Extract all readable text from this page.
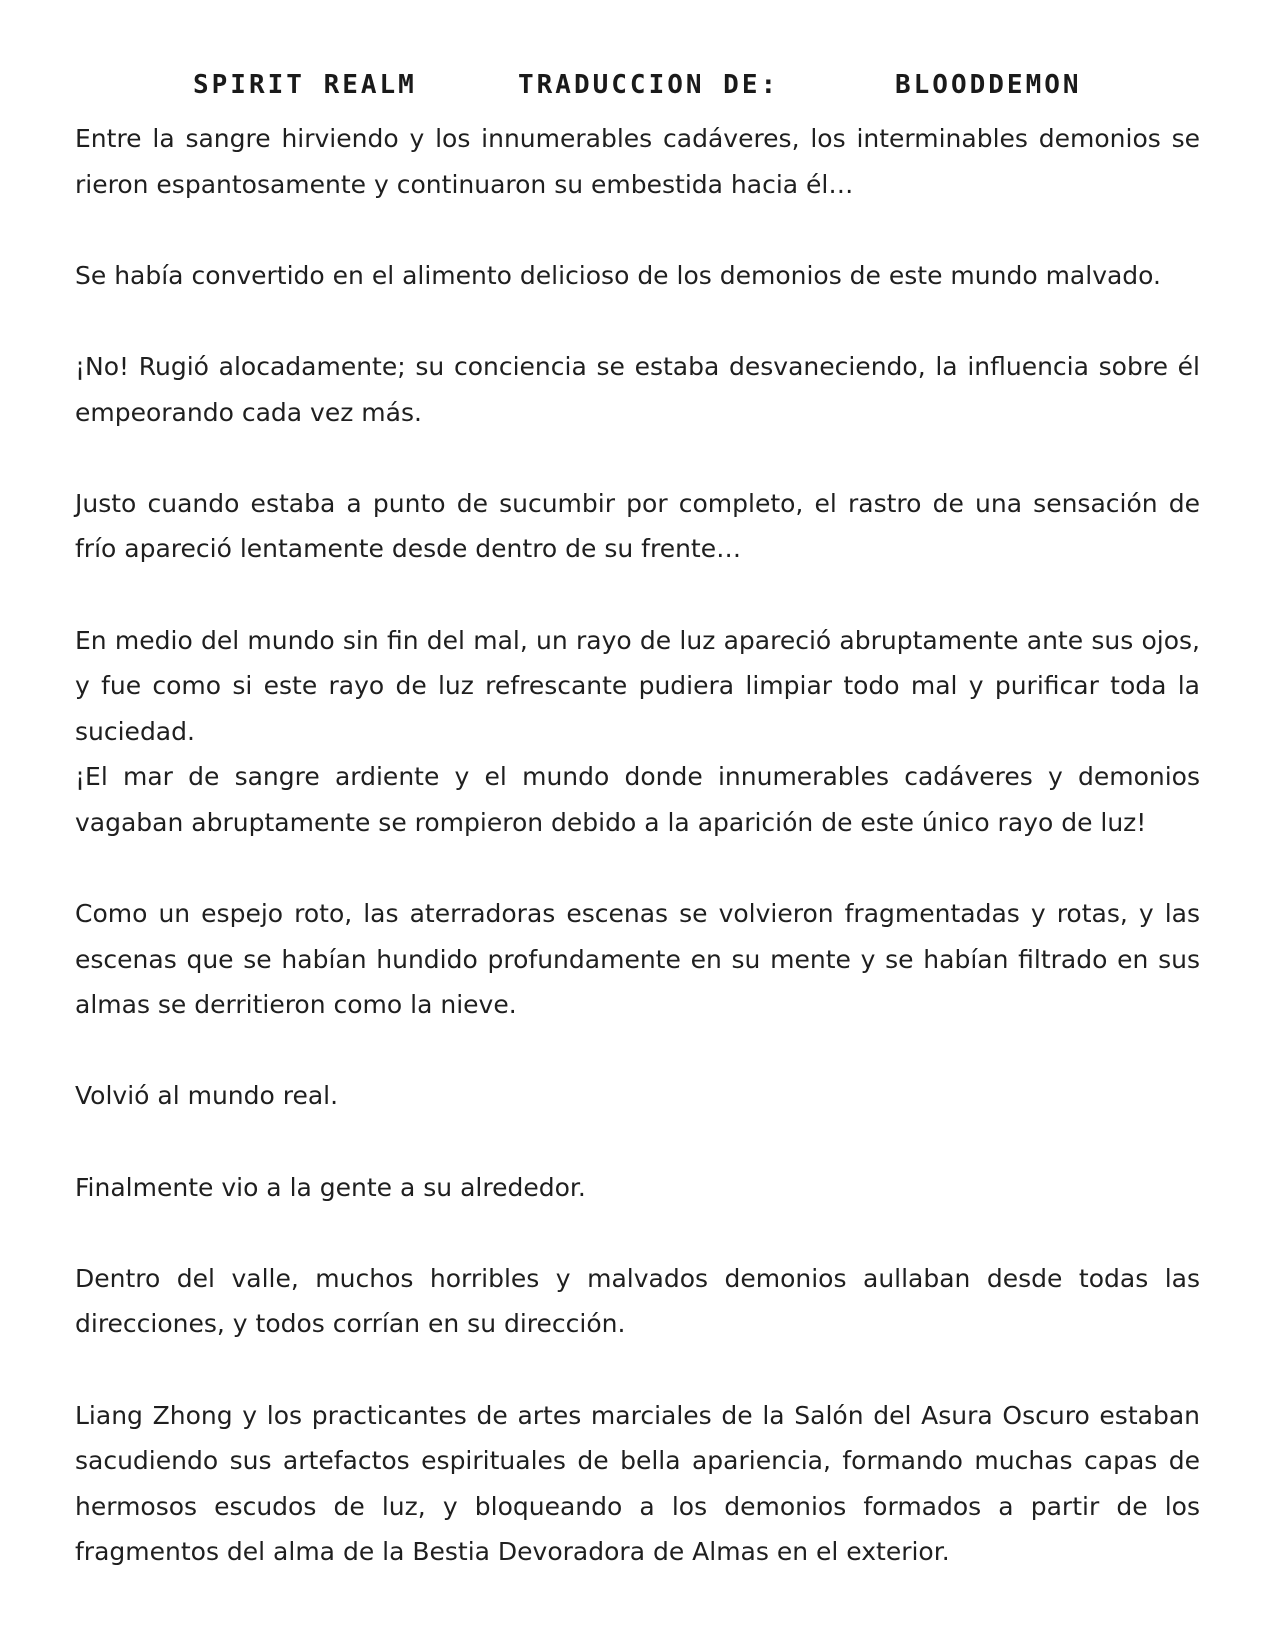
SPIRIT REALM	TRADUCCION DE:	BLOODDEMON

Entre la sangre hirviendo y los innumerables cadáveres, los interminables demonios se rieron espantosamente y continuaron su embestida hacia él…

Se había convertido en el alimento delicioso de los demonios de este mundo malvado.

¡No! Rugió alocadamente; su conciencia se estaba desvaneciendo, la influencia sobre él empeorando cada vez más.

Justo cuando estaba a punto de sucumbir por completo, el rastro de una sensación de frío apareció lentamente desde dentro de su frente…

En medio del mundo sin fin del mal, un rayo de luz apareció abruptamente ante sus ojos, y fue como si este rayo de luz refrescante pudiera limpiar todo mal y purificar toda la suciedad.

¡El mar de sangre ardiente y el mundo donde innumerables cadáveres y demonios vagaban abruptamente se rompieron debido a la aparición de este único rayo de luz!

Como un espejo roto, las aterradoras escenas se volvieron fragmentadas y rotas, y las escenas que se habían hundido profundamente en su mente y se habían filtrado en sus almas se derritieron como la nieve.

Volvió al mundo real.

Finalmente vio a la gente a su alrededor.

Dentro del valle, muchos horribles y malvados demonios aullaban desde todas las direcciones, y todos corrían en su dirección.

Liang Zhong y los practicantes de artes marciales de la Salón del Asura Oscuro estaban sacudiendo sus artefactos espirituales de bella apariencia, formando muchas capas de hermosos escudos de luz, y bloqueando a los demonios formados a partir de los fragmentos del alma de la Bestia Devoradora de Almas en el exterior.
